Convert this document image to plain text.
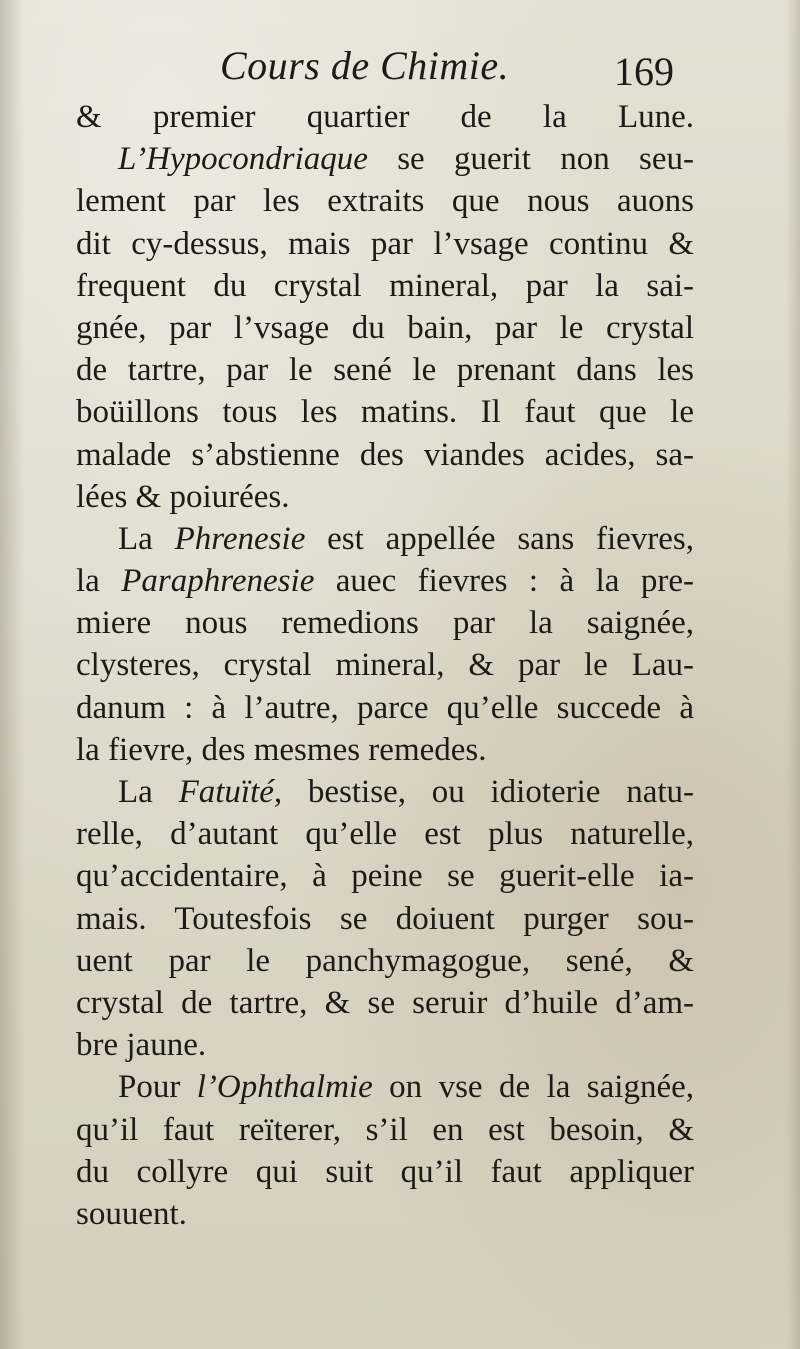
Cours de Chimie.	169
& premier quartier de la Lune.
L’Hypocondriaque se guerit non seu-
lement par les extraits que nous auons
dit cy-dessus, mais par l’vsage continu &
frequent du crystal mineral, par la sai-
gnée, par l’vsage du bain, par le crystal
de tartre, par le sené le prenant dans les
boüillons tous les matins. Il faut que le
malade s’abstienne des viandes acides, sa-
lées & poiurées.
La Phrenesie est appellée sans fievres,
la Paraphrenesie auec fievres : à la pre-
miere nous remedions par la saignée,
clysteres, crystal mineral, & par le Lau-
danum : à l’autre, parce qu’elle succede à
la fievre, des mesmes remedes.
La Fatuïté, bestise, ou idioterie natu-
relle, d’autant qu’elle est plus naturelle,
qu’accidentaire, à peine se guerit-elle ia-
mais. Toutesfois se doiuent purger sou-
uent par le panchymagogue, sené, &
crystal de tartre, & se seruir d’huile d’am-
bre jaune.
Pour l’Ophthalmie on vse de la saignée,
qu’il faut reïterer, s’il en est besoin, &
du collyre qui suit qu’il faut appliquer
souuent.
